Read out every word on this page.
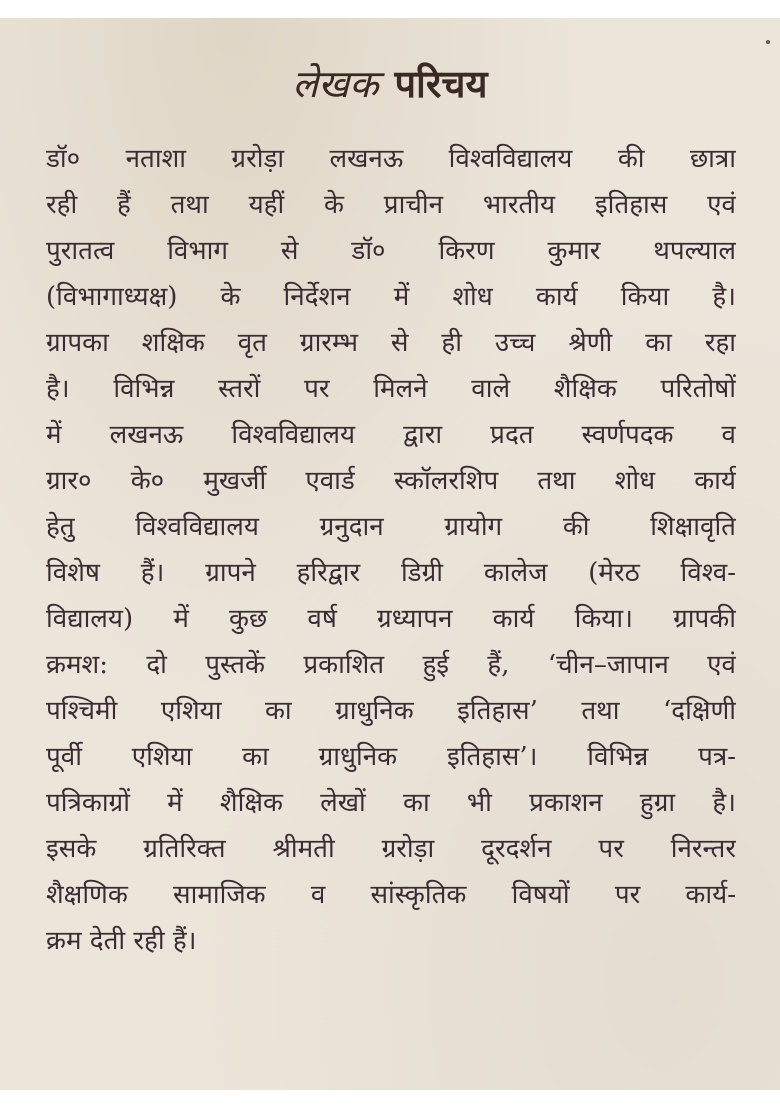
लेखक परिचय
डॉ० नताशा ग्ररोड़ा लखनऊ विश्वविद्यालय की छात्रा
रही हैं तथा यहीं के प्राचीन भारतीय इतिहास एवं
पुरातत्व विभाग से डॉ० किरण कुमार थपल्याल
(विभागाध्यक्ष) के निर्देशन में शोध कार्य किया है।
ग्रापका शक्षिक वृत ग्रारम्भ से ही उच्च श्रेणी का रहा
है। विभिन्न स्तरों पर मिलने वाले शैक्षिक परितोषों
में लखनऊ विश्वविद्यालय द्वारा प्रदत स्वर्णपदक व
ग्रार० के० मुखर्जी एवार्ड स्कॉलरशिप तथा शोध कार्य
हेतु विश्वविद्यालय ग्रनुदान ग्रायोग की शिक्षावृति
विशेष हैं। ग्रापने हरिद्वार डिग्री कालेज (मेरठ विश्व-
विद्यालय) में कुछ वर्ष ग्रध्यापन कार्य किया। ग्रापकी
क्रमश: दो पुस्तकें प्रकाशित हुई हैं, ‘चीन–जापान एवं
पश्चिमी एशिया का ग्राधुनिक इतिहास’ तथा ‘दक्षिणी
पूर्वी एशिया का ग्राधुनिक इतिहास’। विभिन्न पत्र-
पत्रिकाग्रों में शैक्षिक लेखों का भी प्रकाशन हुग्रा है।
इसके ग्रतिरिक्त श्रीमती ग्ररोड़ा दूरदर्शन पर निरन्तर
शैक्षणिक सामाजिक व सांस्कृतिक विषयों पर कार्य-
क्रम देती रही हैं।
